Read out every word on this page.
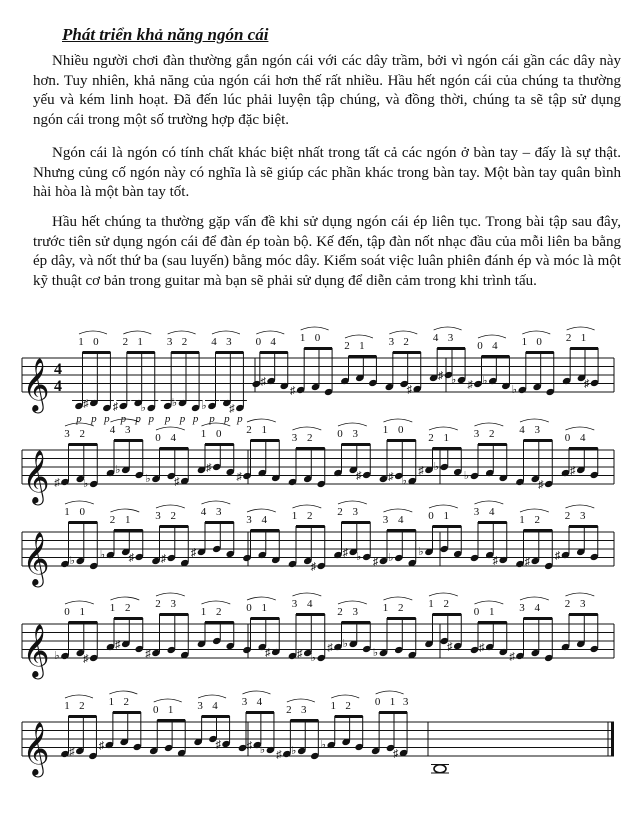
Phát triển khả năng ngón cái

Nhiều người chơi đàn thường gắn ngón cái với các dây trầm, bởi vì ngón cái gần các dây này hơn. Tuy nhiên, khả năng của ngón cái hơn thế rất nhiều. Hầu hết ngón cái của chúng ta thường yếu và kém linh hoạt. Đã đến lúc phải luyện tập chúng, và đồng thời, chúng ta sẽ tập sử dụng ngón cái trong một số trường hợp đặc biệt.

Ngón cái là ngón có tính chất khác biệt nhất trong tất cả các ngón ở bàn tay – đấy là sự thật. Nhưng củng cố ngón này có nghĩa là sẽ giúp các phần khác trong bàn tay. Một bàn tay quân bình hài hòa là một bàn tay tốt.

Hầu hết chúng ta thường gặp vấn đề khi sử dụng ngón cái ép liên tục. Trong bài tập sau đây, trước tiên sử dụng ngón cái để đàn ép toàn bộ. Kế đến, tập đàn nốt nhạc đầu của mỗi liên ba bằng ép dây, và nốt thứ ba (sau luyến) bằng móc dây. Kiểm soát việc luân phiên đánh ép và móc là một kỹ thuật cơ bản trong guitar mà bạn sẽ phải sử dụng để diễn cảm trong khi trình tấu.

𝄞 4
4
p
♯
p p
1 0
♯
p p
♭
p
2 1
p
♭
p p
3 2
♭
p p
♯
p
4 3
♯
0 4
♯
1 0
2 1
♯
3 2
♯ ♭
4 3
♯ ♭
0 4
♭
1 0
♯
2 1
𝄞 ♯ ♭
3 2
♭
4 3
♭ ♯
0 4
♯
1 0
♯
2 1
3 2
♯
0 3
♯ ♭
1 0
♯ ♭
2 1
♭
3 2
♯
4 3
♯
0 4
𝄞 ♭
1 0
♭ ♯
2 1
♯
3 2
♯
4 3
3 4
♯
1 2
♯ ♭
2 3
♯ ♭
3 4
♭
0 1
♯
3 4
♯
1 2
♯
2 3
𝄞 ♭ ♯
0 1
♯
1 2
♯
2 3
1 2
♯
0 1
♯ ♭
3 4
♯ ♭
2 3
♭
1 2
♯
1 2
♯
0 1
♯
3 4 2 3
𝄞 ♯
1 2
♯
1 2
0 1
♯
3 4
♯ ♭
3 4
♯ ♭
2 3
♭
1 2
♯
0 1 3
